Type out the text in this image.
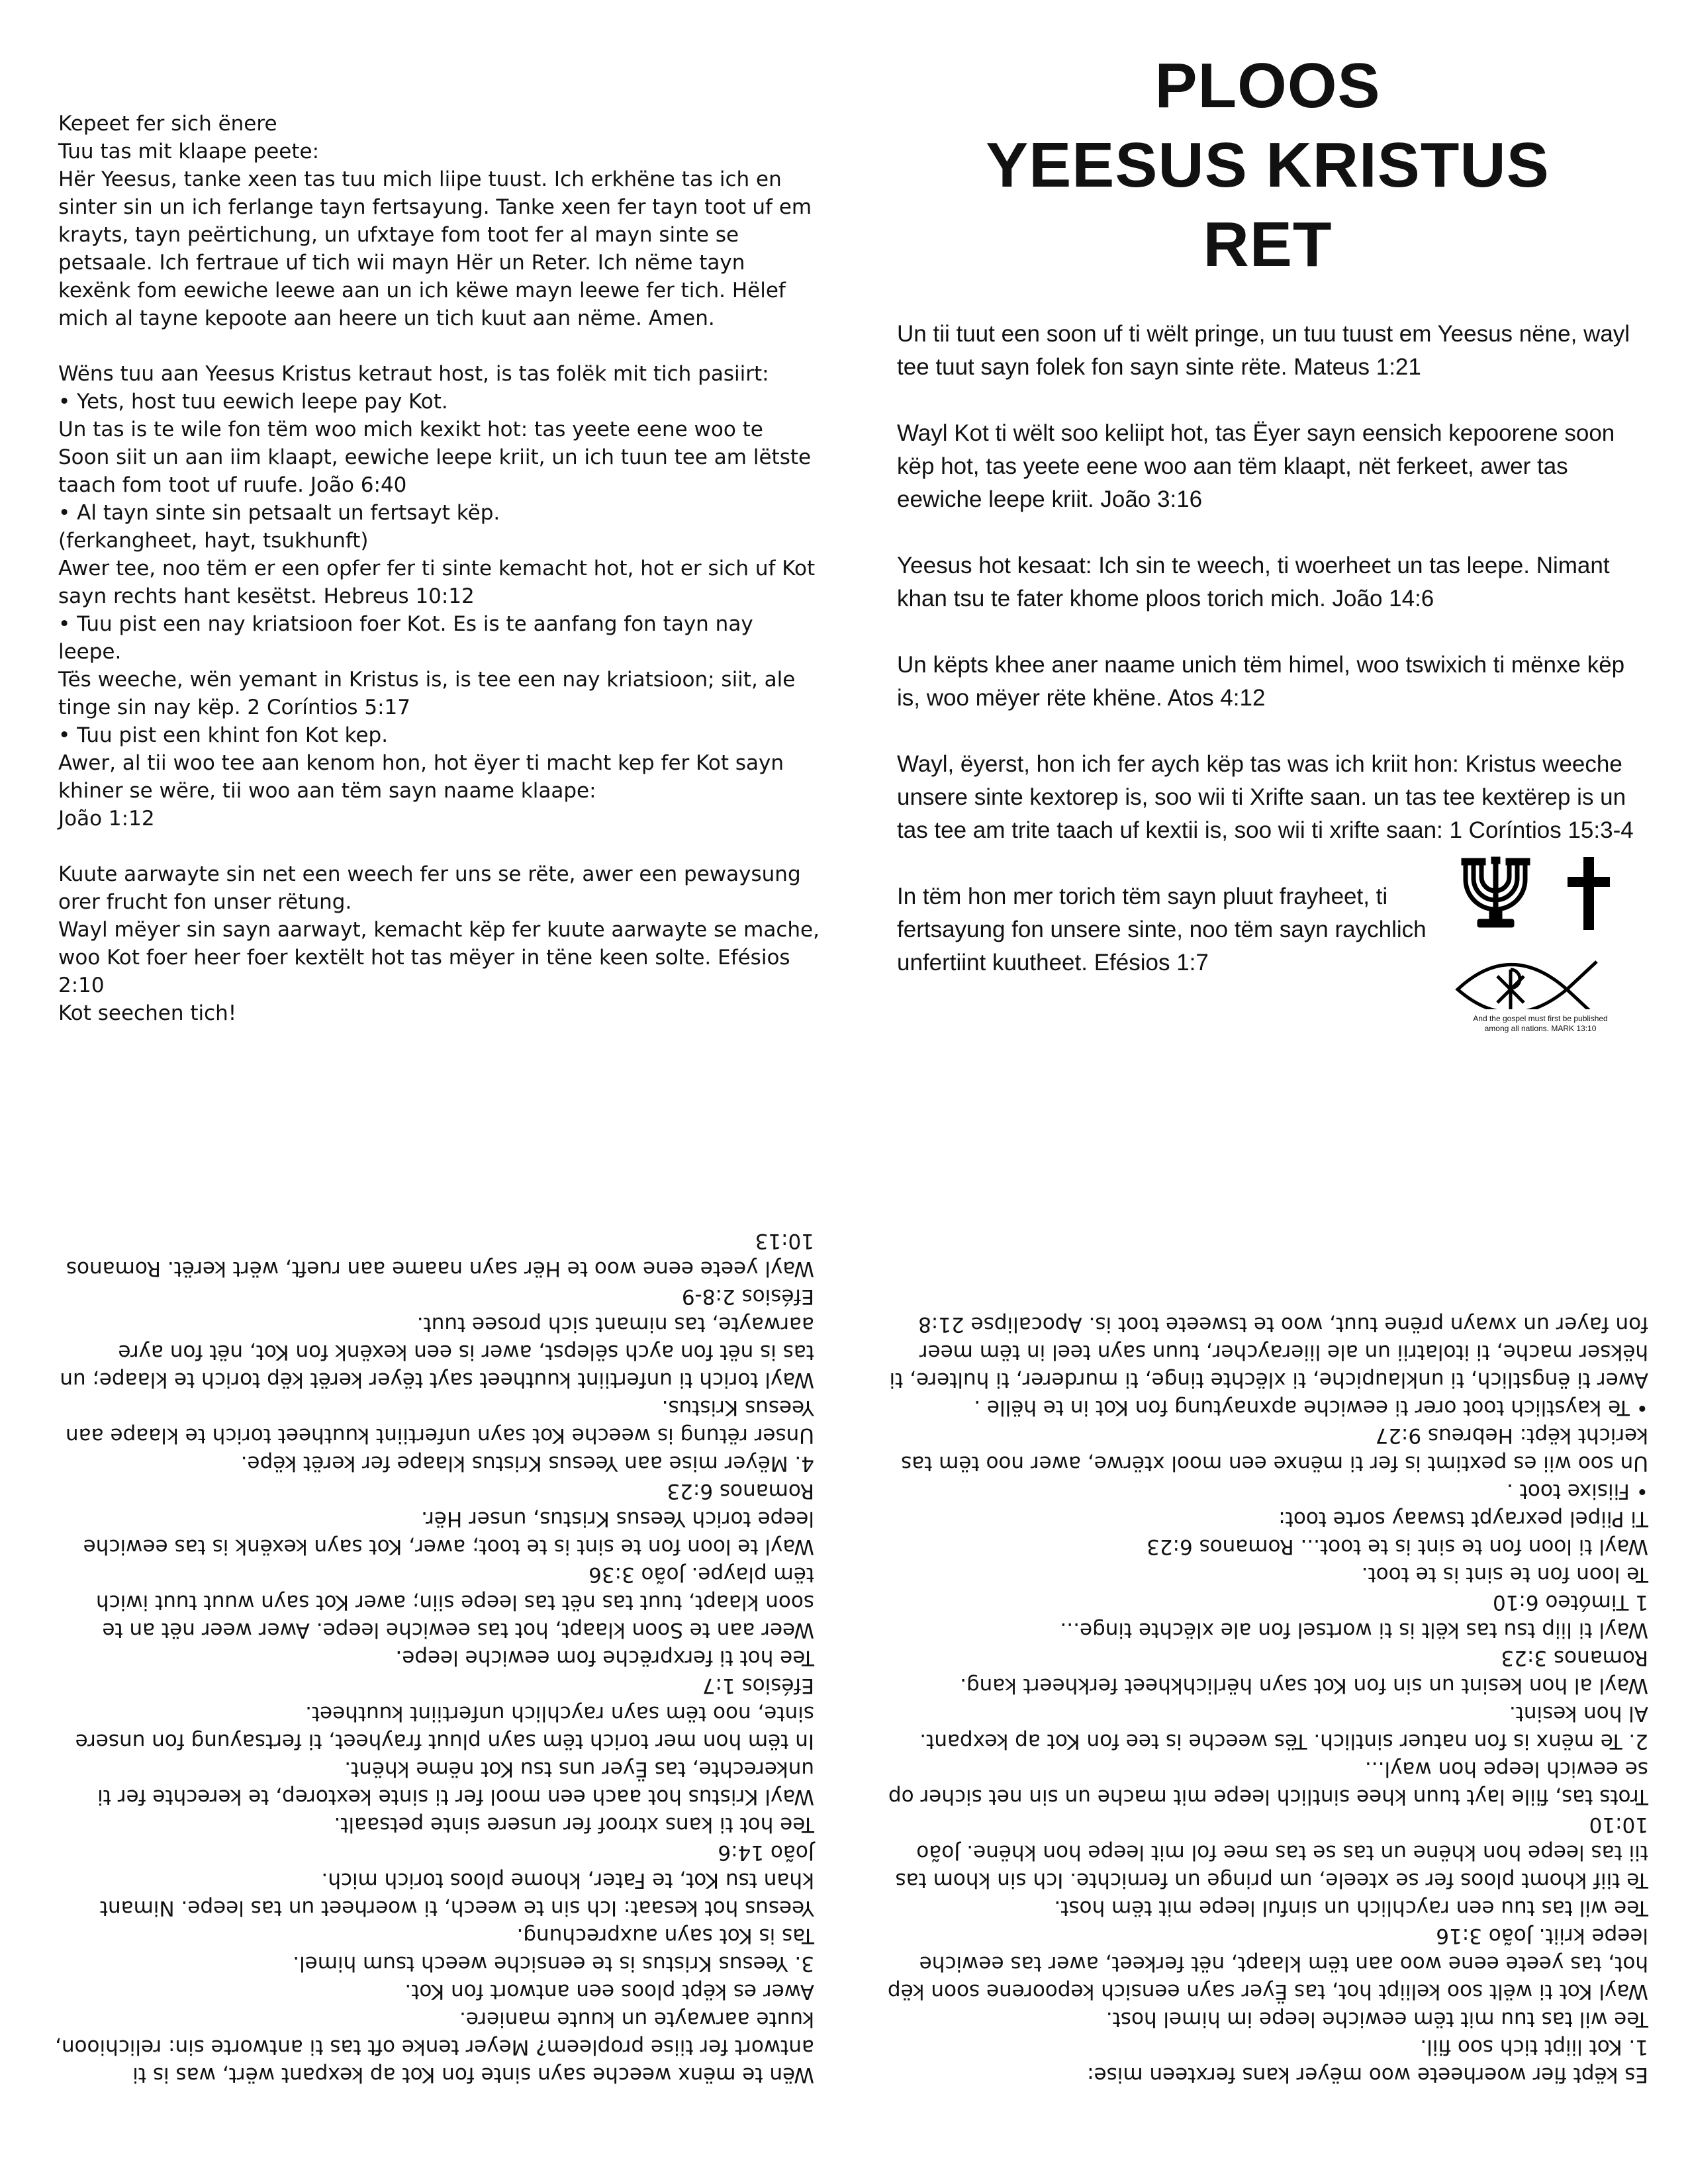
Kepeet fer sich ënere
Tuu tas mit klaape peete:
Hër Yeesus, tanke xeen tas tuu mich liipe tuust. Ich erkhëne tas ich en sinter sin un ich ferlange tayn fertsayung. Tanke xeen fer tayn toot uf em krayts, tayn peërtichung, un ufxtaye fom toot fer al mayn sinte se petsaale. Ich fertraue uf tich wii mayn Hër un Reter. Ich nëme tayn kexënk fom eewiche leewe aan un ich këwe mayn leewe fer tich. Hëlef mich al tayne kepoote aan heere un tich kuut aan nëme. Amen.

Wëns tuu aan Yeesus Kristus ketraut host, is tas folëk mit tich pasiirt:
• Yets, host tuu eewich leepe pay Kot.
Un tas is te wile fon tëm woo mich kexikt hot: tas yeete eene woo te Soon siit un aan iim klaapt, eewiche leepe kriit, un ich tuun tee am lëtste taach fom toot uf ruufe. João 6:40
• Al tayn sinte sin petsaalt un fertsayt këp.
(ferkangheet, hayt, tsukhunft)
Awer tee, noo tëm er een opfer fer ti sinte kemacht hot, hot er sich uf Kot sayn rechts hant kesëtst. Hebreus 10:12
• Tuu pist een nay kriatsioon foer Kot. Es is te aanfang fon tayn nay leepe.
Tës weeche, wën yemant in Kristus is, is tee een nay kriatsioon; siit, ale tinge sin nay këp. 2 Coríntios 5:17
• Tuu pist een khint fon Kot kep.
Awer, al tii woo tee aan kenom hon, hot ëyer ti macht kep fer Kot sayn khiner se wëre, tii woo aan tëm sayn naame klaape:
João 1:12

Kuute aarwayte sin net een weech fer uns se rëte, awer een pewaysung orer frucht fon unser rëtung.
Wayl mëyer sin sayn aarwayt, kemacht këp fer kuute aarwayte se mache, woo Kot foer heer foer kextëlt hot tas mëyer in tëne keen solte. Efésios 2:10
Kot seechen tich!

PLOOS
YEESUS KRISTUS
RET

Un tii tuut een soon uf ti wëlt pringe, un tuu tuust em Yeesus nëne, wayl tee tuut sayn folek fon sayn sinte rëte. Mateus 1:21

Wayl Kot ti wëlt soo keliipt hot, tas Ëyer sayn eensich kepoorene soon këp hot, tas yeete eene woo aan tëm klaapt, nët ferkeet, awer tas eewiche leepe kriit. João 3:16

Yeesus hot kesaat: Ich sin te weech, ti woerheet un tas leepe. Nimant khan tsu te fater khome ploos torich mich. João 14:6

Un këpts khee aner naame unich tëm himel, woo tswixich ti mënxe këp is, woo mëyer rëte khëne. Atos 4:12

Wayl, ëyerst, hon ich fer aych këp tas was ich kriit hon: Kristus weeche unsere sinte kextorep is, soo wii ti Xrifte saan. un tas tee kextërep is un tas tee am trite taach uf kextii is, soo wii ti xrifte saan: 1 Coríntios 15:3-4

In tëm hon mer torich tëm sayn pluut frayheet, ti fertsayung fon unsere sinte, noo tëm sayn raychlich unfertiint kuutheet. Efésios 1:7

And the gospel must first be published
among all nations. MARK 13:10

Wën te mënx weeche sayn sinte fon Kot ap kexpant wërt, was is ti antwort fer tiise propleem? Meyer tenke oft tas ti antworte sin: relichioon, kuute aarwayte un kuute maniere.
Awer es këpt ploos een antwort fon Kot.
3. Yeesus Kristus is te eensiche weech tsum himel.
Tas is Kot sayn auxprechung.
Yeesus hot kesaat: Ich sin te weech, ti woerheet un tas leepe. Nimant khan tsu Kot, te Fater, khome ploos torich mich.
João 14:6
Tee hot ti kans xtroof fer unsere sinte petsaalt.
Wayl Kristus hot aach een mool fer ti sinte kextorep, te kerechte fer ti unkerechte, tas Ëyer uns tsu Kot nëme khënt.
In tëm hon mer torich tëm sayn pluut frayheet, ti fertsayung fon unsere sinte, noo tëm sayn raychlich unfertiint kuutheet.
Efésios 1:7
Tee hot ti ferxprëche fom eewiche leepe.
Weer aan te Soon klaapt, hot tas eewiche leepe. Awer weer nët an te soon klaapt, tuut tas nët tas leepe siin; awer Kot sayn wuut tuut iwich tëm plaype. João 3:36
Wayl te loon fon te sint is te toot; awer, Kot sayn kexënk is tas eewiche leepe torich Yeesus Kristus, unser Hër.
Romanos 6:23
4. Mëyer mise aan Yeesus Kristus klaape fer kerët këpe.
Unser rëtung is weeche Kot sayn unfertiint kuutheet torich te klaape aan Yeesus Kristus.
Wayl torich ti unfertiint kuutheet sayt tëyer kerët këp torich te klaape; un tas is nët fon aych sëlepst, awer is een kexënk fon Kot, nët fon ayre aarwayte, tas nimant sich prosee tuut.
Efésios 2:8-9
Wayl yeete eene woo te Hër sayn naame aan rueft, wërt kerët. Romanos 10:13

Es këpt fier woerheete woo mëyer kans ferxteen mise:
1. Kot liipt tich soo fiil.
Tee wil tas tuu mit tëm eewiche leepe im himel host.
Wayl Kot ti wëlt soo keliipt hot, tas Ëyer sayn eensich kepoorene soon këp hot, tas yeete eene woo aan tëm klaapt, nët ferkeet, awer tas eewiche leepe kriit. João 3:16
Tee wil tas tuu een raychlich un sinful leepe mit tëm host.
Te tiif khomt ploos fer se xteele, um pringe un fernichte. Ich sin khom tas tii tas leepe hon khëne un tas se tas mee fol mit leepe hon khëne. João 10:10
Trots tas, fiile layt tuun khee sintlich leepe mit mache un sin net sicher op se eewich leepe hon wayl...
2. Te mënx is fon natuer sintlich. Tës weeche is tee fon Kot ap kexpant.
Al hon kesint.
Wayl al hon kesint un sin fon Kot sayn hërlichkheet ferkheert kang. Romanos 3:23
Wayl ti liip tsu tas këlt is ti wortsel fon ale xlëchte tinge...
1 Timóteo 6:10
Te loon fon te sint is te toot.
Wayl ti loon fon te sint is te toot... Romanos 6:23
Ti Piipel pexraypt tswaay sorte toot:
• Fiisixe toot .
Un soo wii es pextimt is fer ti mënxe een mool xtërwe, awer noo tëm tas kericht këpt: Hebreus 9:27
• Te kaystlich toot orer ti eewiche apxnaytung fon Kot in te hëlle .
Awer ti ëngstlich, ti unklaupiche, ti xlëchte tinge, ti murderer, ti hultere, ti hëkser mache, ti itolatrii un ale liieraycher, tuun sayn teel in tëm meer fon fayer un xwayn prëne tuut, woo te tsweete toot is. Apocalipse 21:8
